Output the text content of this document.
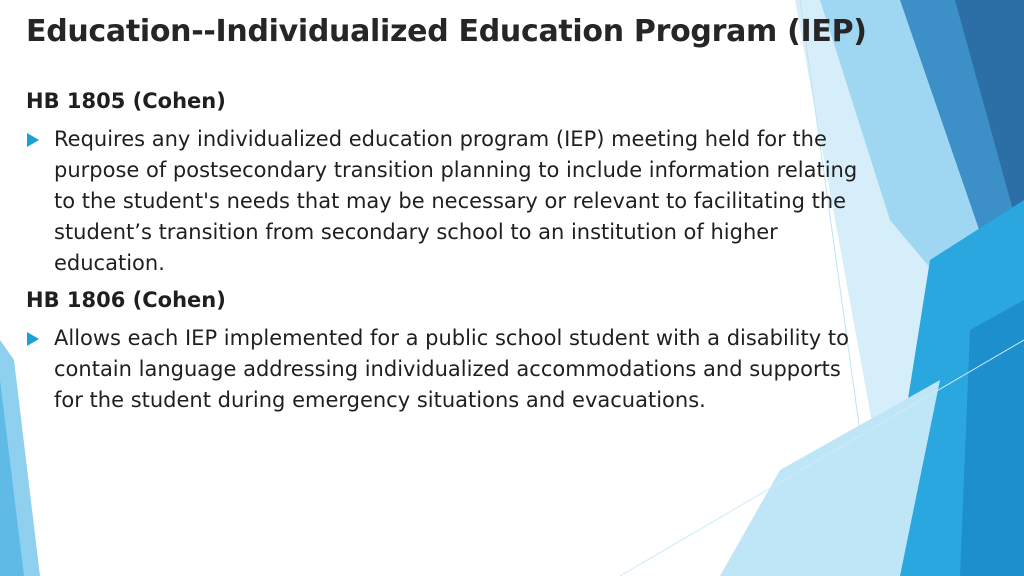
Education--Individualized Education Program (IEP)
HB 1805 (Cohen)
Requires any individualized education program (IEP) meeting held for the purpose of postsecondary transition planning to include information relating to the student's needs that may be necessary or relevant to facilitating the student’s transition from secondary school to an institution of higher education.
HB 1806 (Cohen)
Allows each IEP implemented for a public school student with a disability to contain language addressing individualized accommodations and supports for the student during emergency situations and evacuations.
